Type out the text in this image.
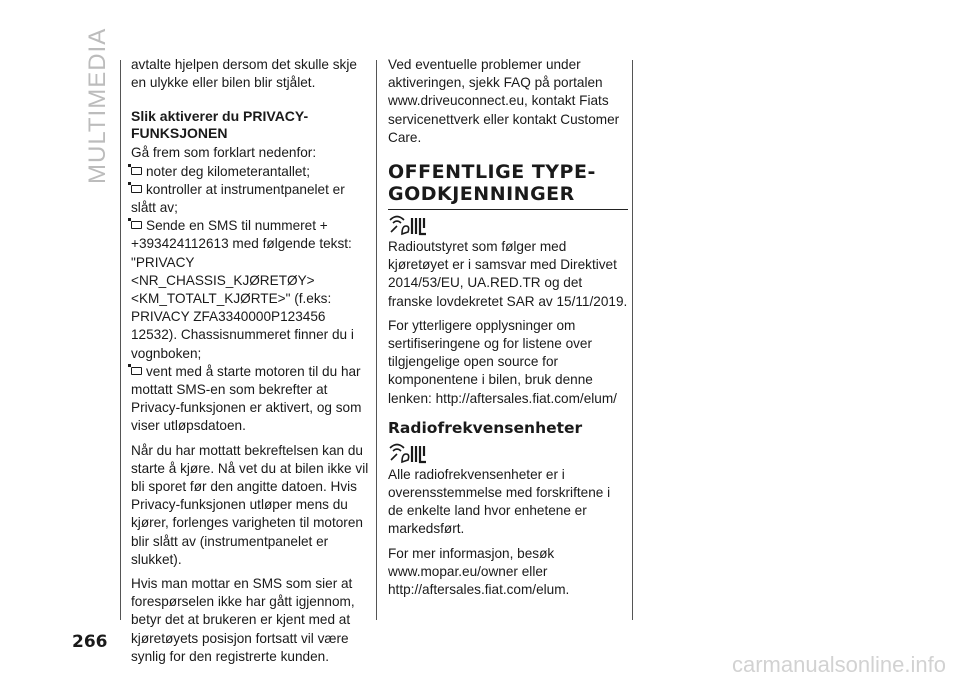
MULTIMEDIA avtalte hjelpen dersom det skulle skje en ulykke eller bilen blir stjålet.

Slik aktiverer du PRIVACY-FUNKSJONEN

Gå frem som forklart nedenfor:

noter deg kilometerantallet;

kontroller at instrumentpanelet er slått av;

Sende en SMS til nummeret + +393424112613 med følgende tekst: "PRIVACY <NR_CHASSIS_KJØRETØY><KM_TOTALT_KJØRTE>" (f.eks: PRIVACY ZFA3340000P123456 12532). Chassisnummeret finner du i vognboken;

vent med å starte motoren til du har mottatt SMS-en som bekrefter at Privacy-funksjonen er aktivert, og som viser utløpsdatoen.

Når du har mottatt bekreftelsen kan du starte å kjøre. Nå vet du at bilen ikke vil bli sporet før den angitte datoen. Hvis Privacy-funksjonen utløper mens du kjører, forlenges varigheten til motoren blir slått av (instrumentpanelet er slukket).

Hvis man mottar en SMS som sier at forespørselen ikke har gått igjennom, betyr det at brukeren er kjent med at kjøretøyets posisjon fortsatt vil være synlig for den registrerte kunden.

Ved eventuelle problemer under aktiveringen, sjekk FAQ på portalen www.driveuconnect.eu, kontakt Fiats servicenettverk eller kontakt Customer Care.

OFFENTLIGE TYPE-GODKJENNINGER

Radioutstyret som følger med kjøretøyet er i samsvar med Direktivet 2014/53/EU, UA.RED.TR og det franske lovdekretet SAR av 15/11/2019.

For ytterligere opplysninger om sertifiseringene og for listene over tilgjengelige open source for komponentene i bilen, bruk denne lenken: http://aftersales.fiat.com/elum/

Radiofrekvensenheter

Alle radiofrekvensenheter er i overensstemmelse med forskriftene i de enkelte land hvor enhetene er markedsført.

For mer informasjon, besøk www.mopar.eu/owner eller http://aftersales.fiat.com/elum.

266
carmanualsonline.info
